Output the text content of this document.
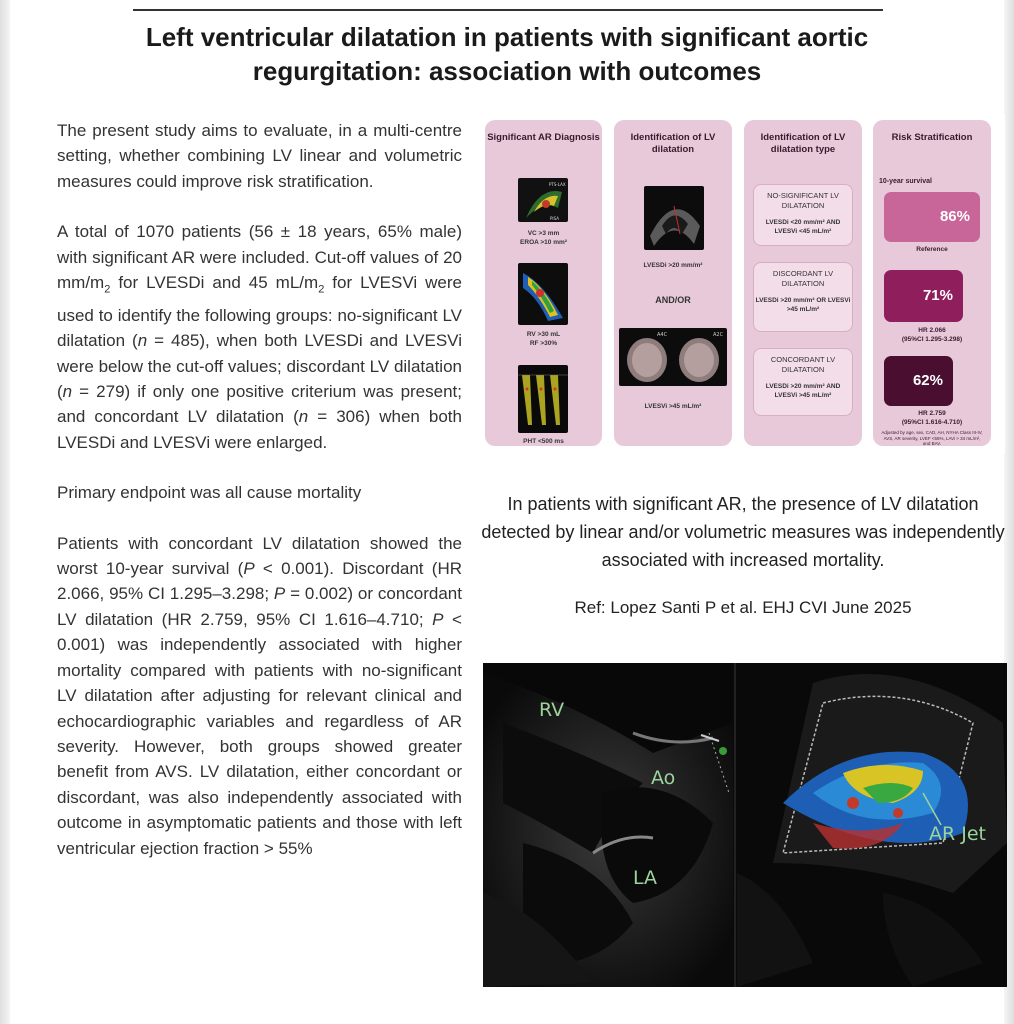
Left ventricular dilatation in patients with significant aortic regurgitation: association with outcomes

The present study aims to evaluate, in a multi-centre setting, whether combining LV linear and volumetric measures could improve risk stratification.

A total of 1070 patients (56 ± 18 years, 65% male) with significant AR were included. Cut-off values of 20 $mm/m_2$ for LVESDi and 45 $mL/m_2$ for LVESVi were used to identify the following groups: no-significant LV dilatation (n = 485), when both LVESDi and LVESVi were below the cut-off values; discordant LV dilatation (n = 279) if only one positive criterium was present; and concordant LV dilatation (n = 306) when both LVESDi and LVESVi were enlarged.

Primary endpoint was all cause mortality

Patients with concordant LV dilatation showed the worst 10-year survival (P < 0.001). Discordant (HR 2.066, 95% CI 1.295–3.298; P = 0.002) or concordant LV dilatation (HR 2.759, 95% CI 1.616–4.710; P < 0.001) was independently associated with higher mortality compared with patients with no-significant LV dilatation after adjusting for relevant clinical and echocardiographic variables and regardless of AR severity. However, both groups showed greater benefit from AVS. LV dilatation, either concordant or discordant, was also independently associated with outcome in asymptomatic patients and those with left ventricular ejection fraction > 55%

Significant AR Diagnosis
PTS-LAX
PISA
VC >3 mm
EROA >10 mm²
RV >30 mL
RF >30%
PHT <500 ms
Identification of LV dilatation
LVESDi >20 mm/m²
AND/OR
A4C	A2C
LVESVi >45 mL/m²
Identification of LV dilatation type
NO-SIGNIFICANT LV DILATATION
LVESDi <20 mm/m² AND LVESVi <45 mL/m²
DISCORDANT LV DILATATION
LVESDi >20 mm/m² OR LVESVi >45 mL/m²
CONCORDANT LV DILATATION
LVESDi >20 mm/m² AND LVESVi >45 mL/m²
Risk Stratification
10-year survival
86%
Reference
71%
HR 2.066
(95%CI 1.295-3.298)
62%
HR 2.759
(95%CI 1.616-4.710)
Adjusted by age, sex, CAD, AH, NYHA Class III-IV, AVS, AR severity, LVEF <55%, LAVi > 34 mL/m², and BAV.
In patients with significant AR, the presence of LV dilatation detected by linear and/or volumetric measures was independently associated with increased mortality.
Ref: Lopez Santi P et al. EHJ CVI June 2025
RV
Ao
LA
AR Jet
